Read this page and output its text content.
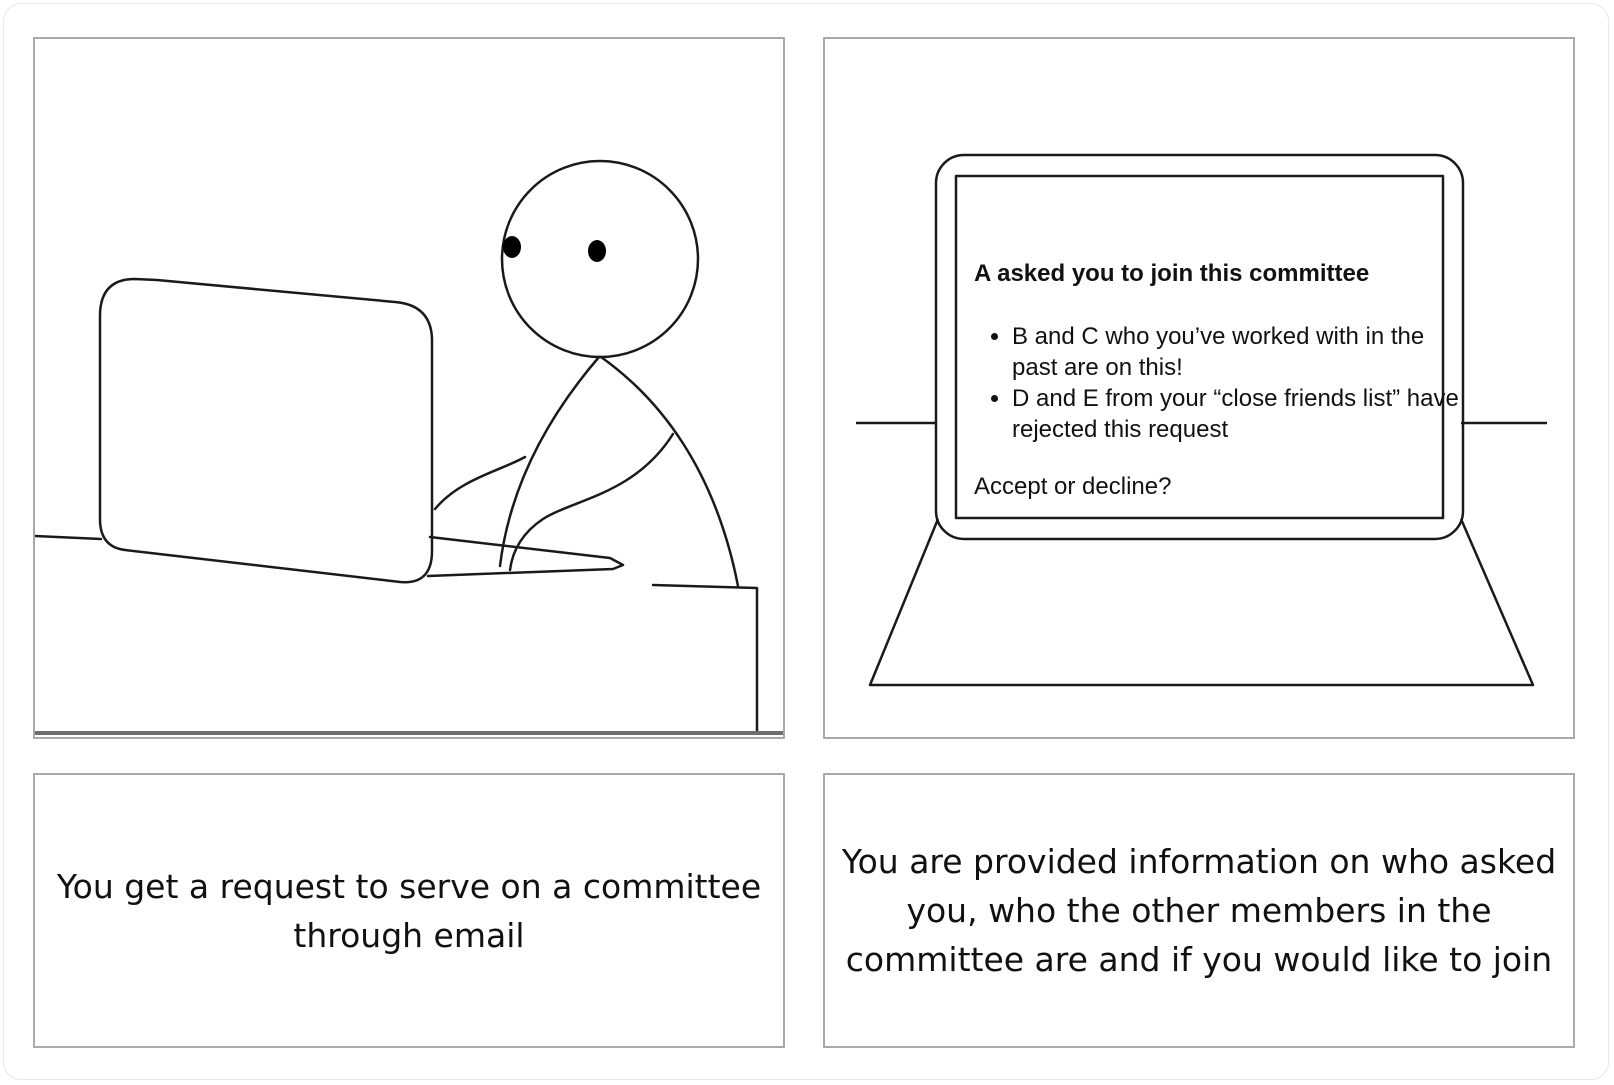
A asked you to join this committee
• B and C who you’ve worked with in the past are on this!
• D and E from your “close friends list” have rejected this request
Accept or decline?
You get a request to serve on a committee through email
You are provided information on who asked you, who the other members in the committee are and if you would like to join
